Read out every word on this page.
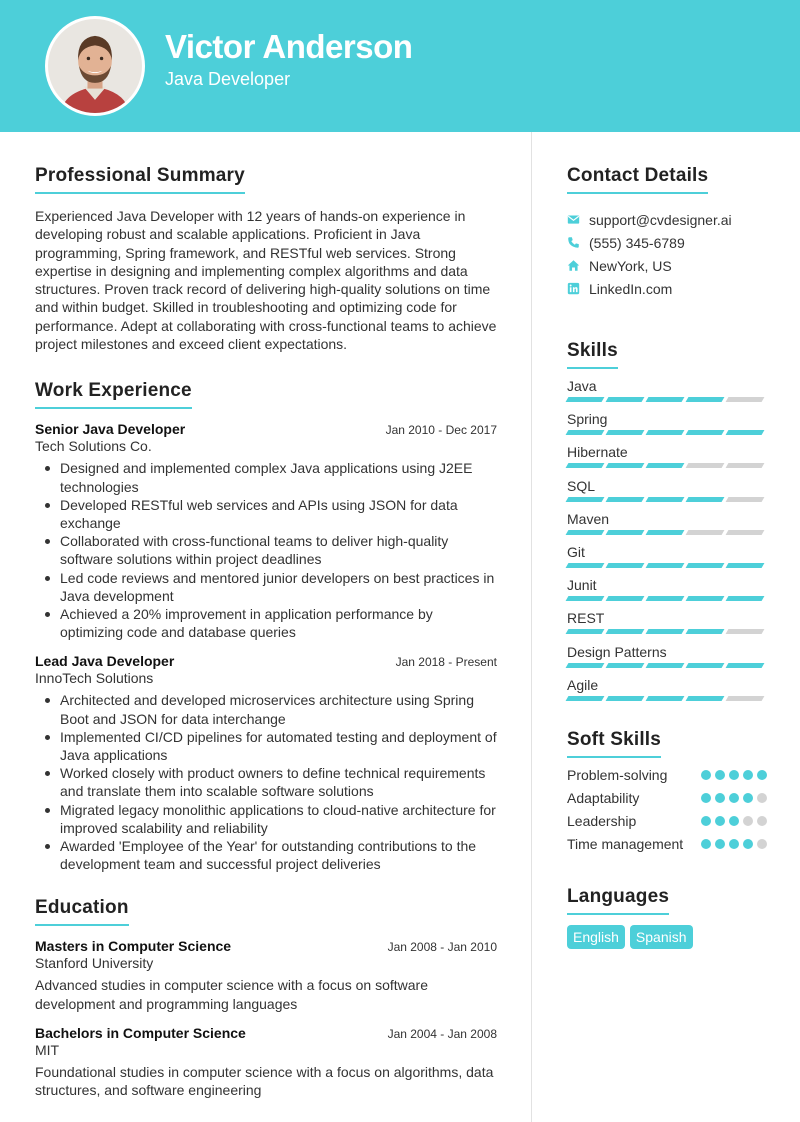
Victor Anderson
Java Developer
Professional Summary

Experienced Java Developer with 12 years of hands-on experience in developing robust and scalable applications. Proficient in Java programming, Spring framework, and RESTful web services. Strong expertise in designing and implementing complex algorithms and data structures. Proven track record of delivering high-quality solutions on time and within budget. Skilled in troubleshooting and optimizing code for performance. Adept at collaborating with cross-functional teams to achieve project milestones and exceed client expectations.

Work Experience
Senior Java Developer	Jan 2010 - Dec 2017
Tech Solutions Co.
Designed and implemented complex Java applications using J2EE technologies
Developed RESTful web services and APIs using JSON for data exchange
Collaborated with cross-functional teams to deliver high-quality software solutions within project deadlines
Led code reviews and mentored junior developers on best practices in Java development
Achieved a 20% improvement in application performance by optimizing code and database queries
Lead Java Developer	Jan 2018 - Present
InnoTech Solutions
Architected and developed microservices architecture using Spring Boot and JSON for data interchange
Implemented CI/CD pipelines for automated testing and deployment of Java applications
Worked closely with product owners to define technical requirements and translate them into scalable software solutions
Migrated legacy monolithic applications to cloud-native architecture for improved scalability and reliability
Awarded 'Employee of the Year' for outstanding contributions to the development team and successful project deliveries
Education
Masters in Computer Science	Jan 2008 - Jan 2010
Stanford University

Advanced studies in computer science with a focus on software development and programming languages

Bachelors in Computer Science	Jan 2004 - Jan 2008
MIT

Foundational studies in computer science with a focus on algorithms, data structures, and software engineering

Contact Details
support@cvdesigner.ai
(555) 345-6789
NewYork, US
LinkedIn.com
Skills
Java
Spring
Hibernate
SQL
Maven
Git
Junit
REST
Design Patterns
Agile
Soft Skills
Problem-solving
Adaptability
Leadership
Time management
Languages
English	Spanish
